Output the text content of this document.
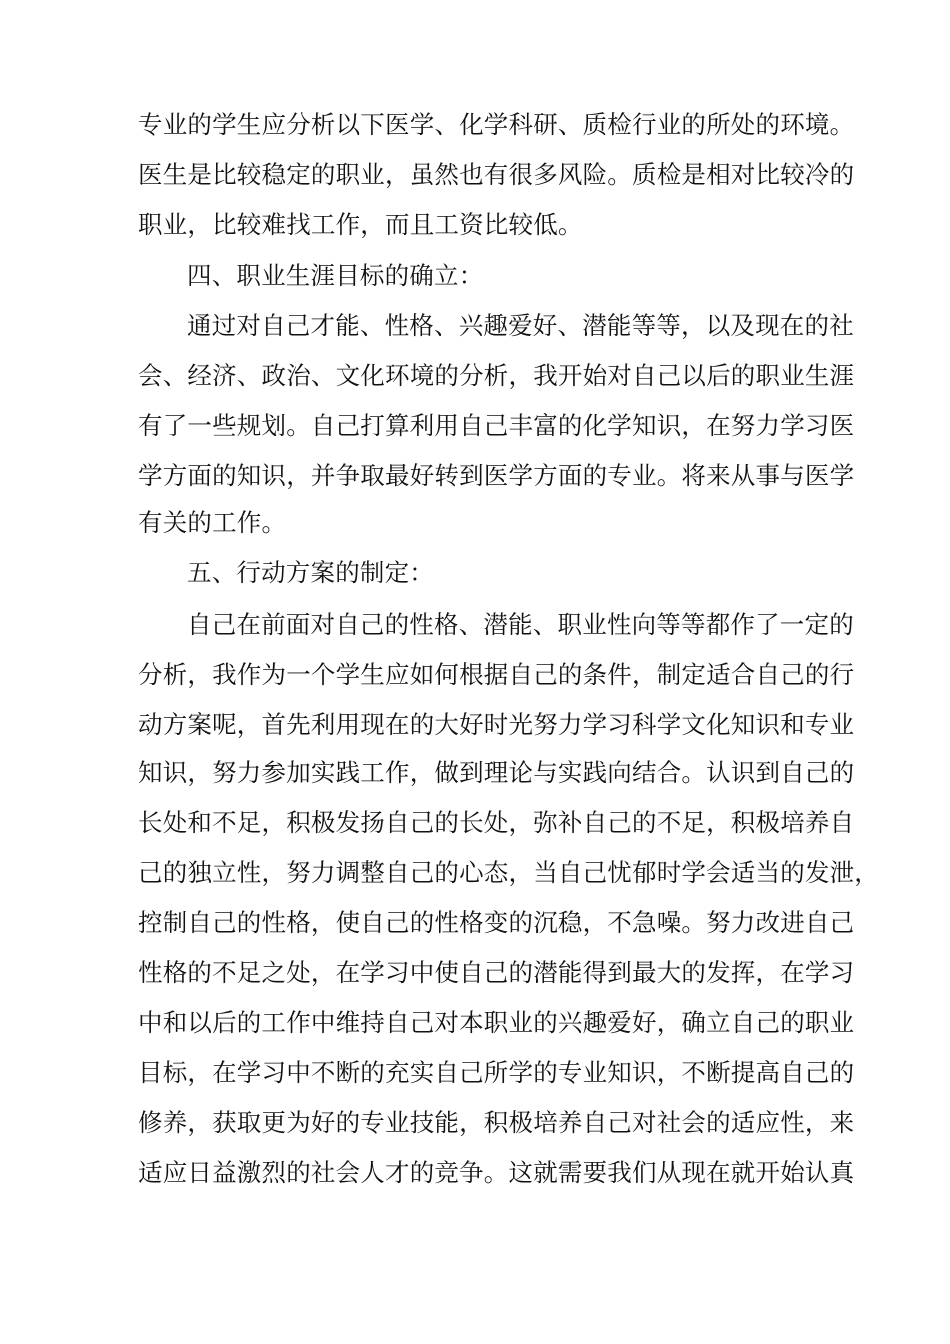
专业的学生应分析以下医学、化学科研、质检行业的所处的环境。
医生是比较稳定的职业，虽然也有很多风险。质检是相对比较冷的
职业，比较难找工作，而且工资比较低。
四、职业生涯目标的确立：
通过对自己才能、性格、兴趣爱好、潜能等等，以及现在的社
会、经济、政治、文化环境的分析，我开始对自己以后的职业生涯
有了一些规划。自己打算利用自己丰富的化学知识，在努力学习医
学方面的知识，并争取最好转到医学方面的专业。将来从事与医学
有关的工作。
五、行动方案的制定：
自己在前面对自己的性格、潜能、职业性向等等都作了一定的
分析，我作为一个学生应如何根据自己的条件，制定适合自己的行
动方案呢，首先利用现在的大好时光努力学习科学文化知识和专业
知识，努力参加实践工作，做到理论与实践向结合。认识到自己的
长处和不足，积极发扬自己的长处，弥补自己的不足，积极培养自
己的独立性，努力调整自己的心态，当自己忧郁时学会适当的发泄，
控制自己的性格，使自己的性格变的沉稳，不急噪。努力改进自己
性格的不足之处，在学习中使自己的潜能得到最大的发挥，在学习
中和以后的工作中维持自己对本职业的兴趣爱好，确立自己的职业
目标，在学习中不断的充实自己所学的专业知识，不断提高自己的
修养，获取更为好的专业技能，积极培养自己对社会的适应性，来
适应日益激烈的社会人才的竞争。这就需要我们从现在就开始认真
